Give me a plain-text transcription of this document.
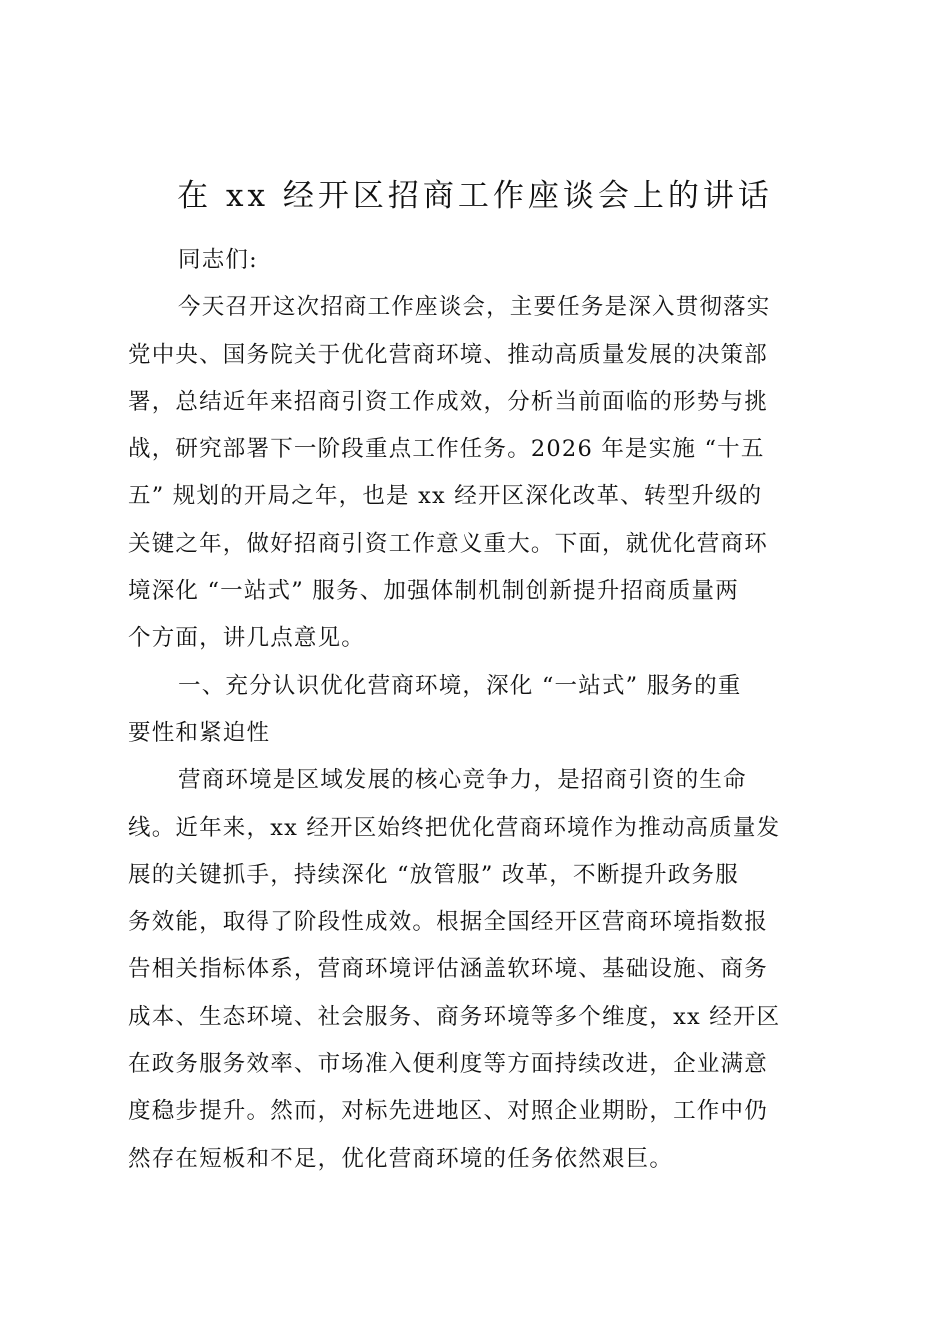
在 xx 经开区招商工作座谈会上的讲话
同志们:
今天召开这次招商工作座谈会，主要任务是深入贯彻落实
党中央、国务院关于优化营商环境、推动高质量发展的决策部
署，总结近年来招商引资工作成效，分析当前面临的形势与挑
战，研究部署下一阶段重点工作任务。2026 年是实施 “十五
五” 规划的开局之年，也是 xx 经开区深化改革、转型升级的
关键之年，做好招商引资工作意义重大。下面，就优化营商环
境深化 “一站式” 服务、加强体制机制创新提升招商质量两
个方面，讲几点意见。
一、充分认识优化营商环境，深化 “一站式” 服务的重
要性和紧迫性
营商环境是区域发展的核心竞争力，是招商引资的生命
线。近年来，xx 经开区始终把优化营商环境作为推动高质量发
展的关键抓手，持续深化 “放管服” 改革，不断提升政务服
务效能，取得了阶段性成效。根据全国经开区营商环境指数报
告相关指标体系，营商环境评估涵盖软环境、基础设施、商务
成本、生态环境、社会服务、商务环境等多个维度，xx 经开区
在政务服务效率、市场准入便利度等方面持续改进，企业满意
度稳步提升。然而，对标先进地区、对照企业期盼，工作中仍
然存在短板和不足，优化营商环境的任务依然艰巨。
